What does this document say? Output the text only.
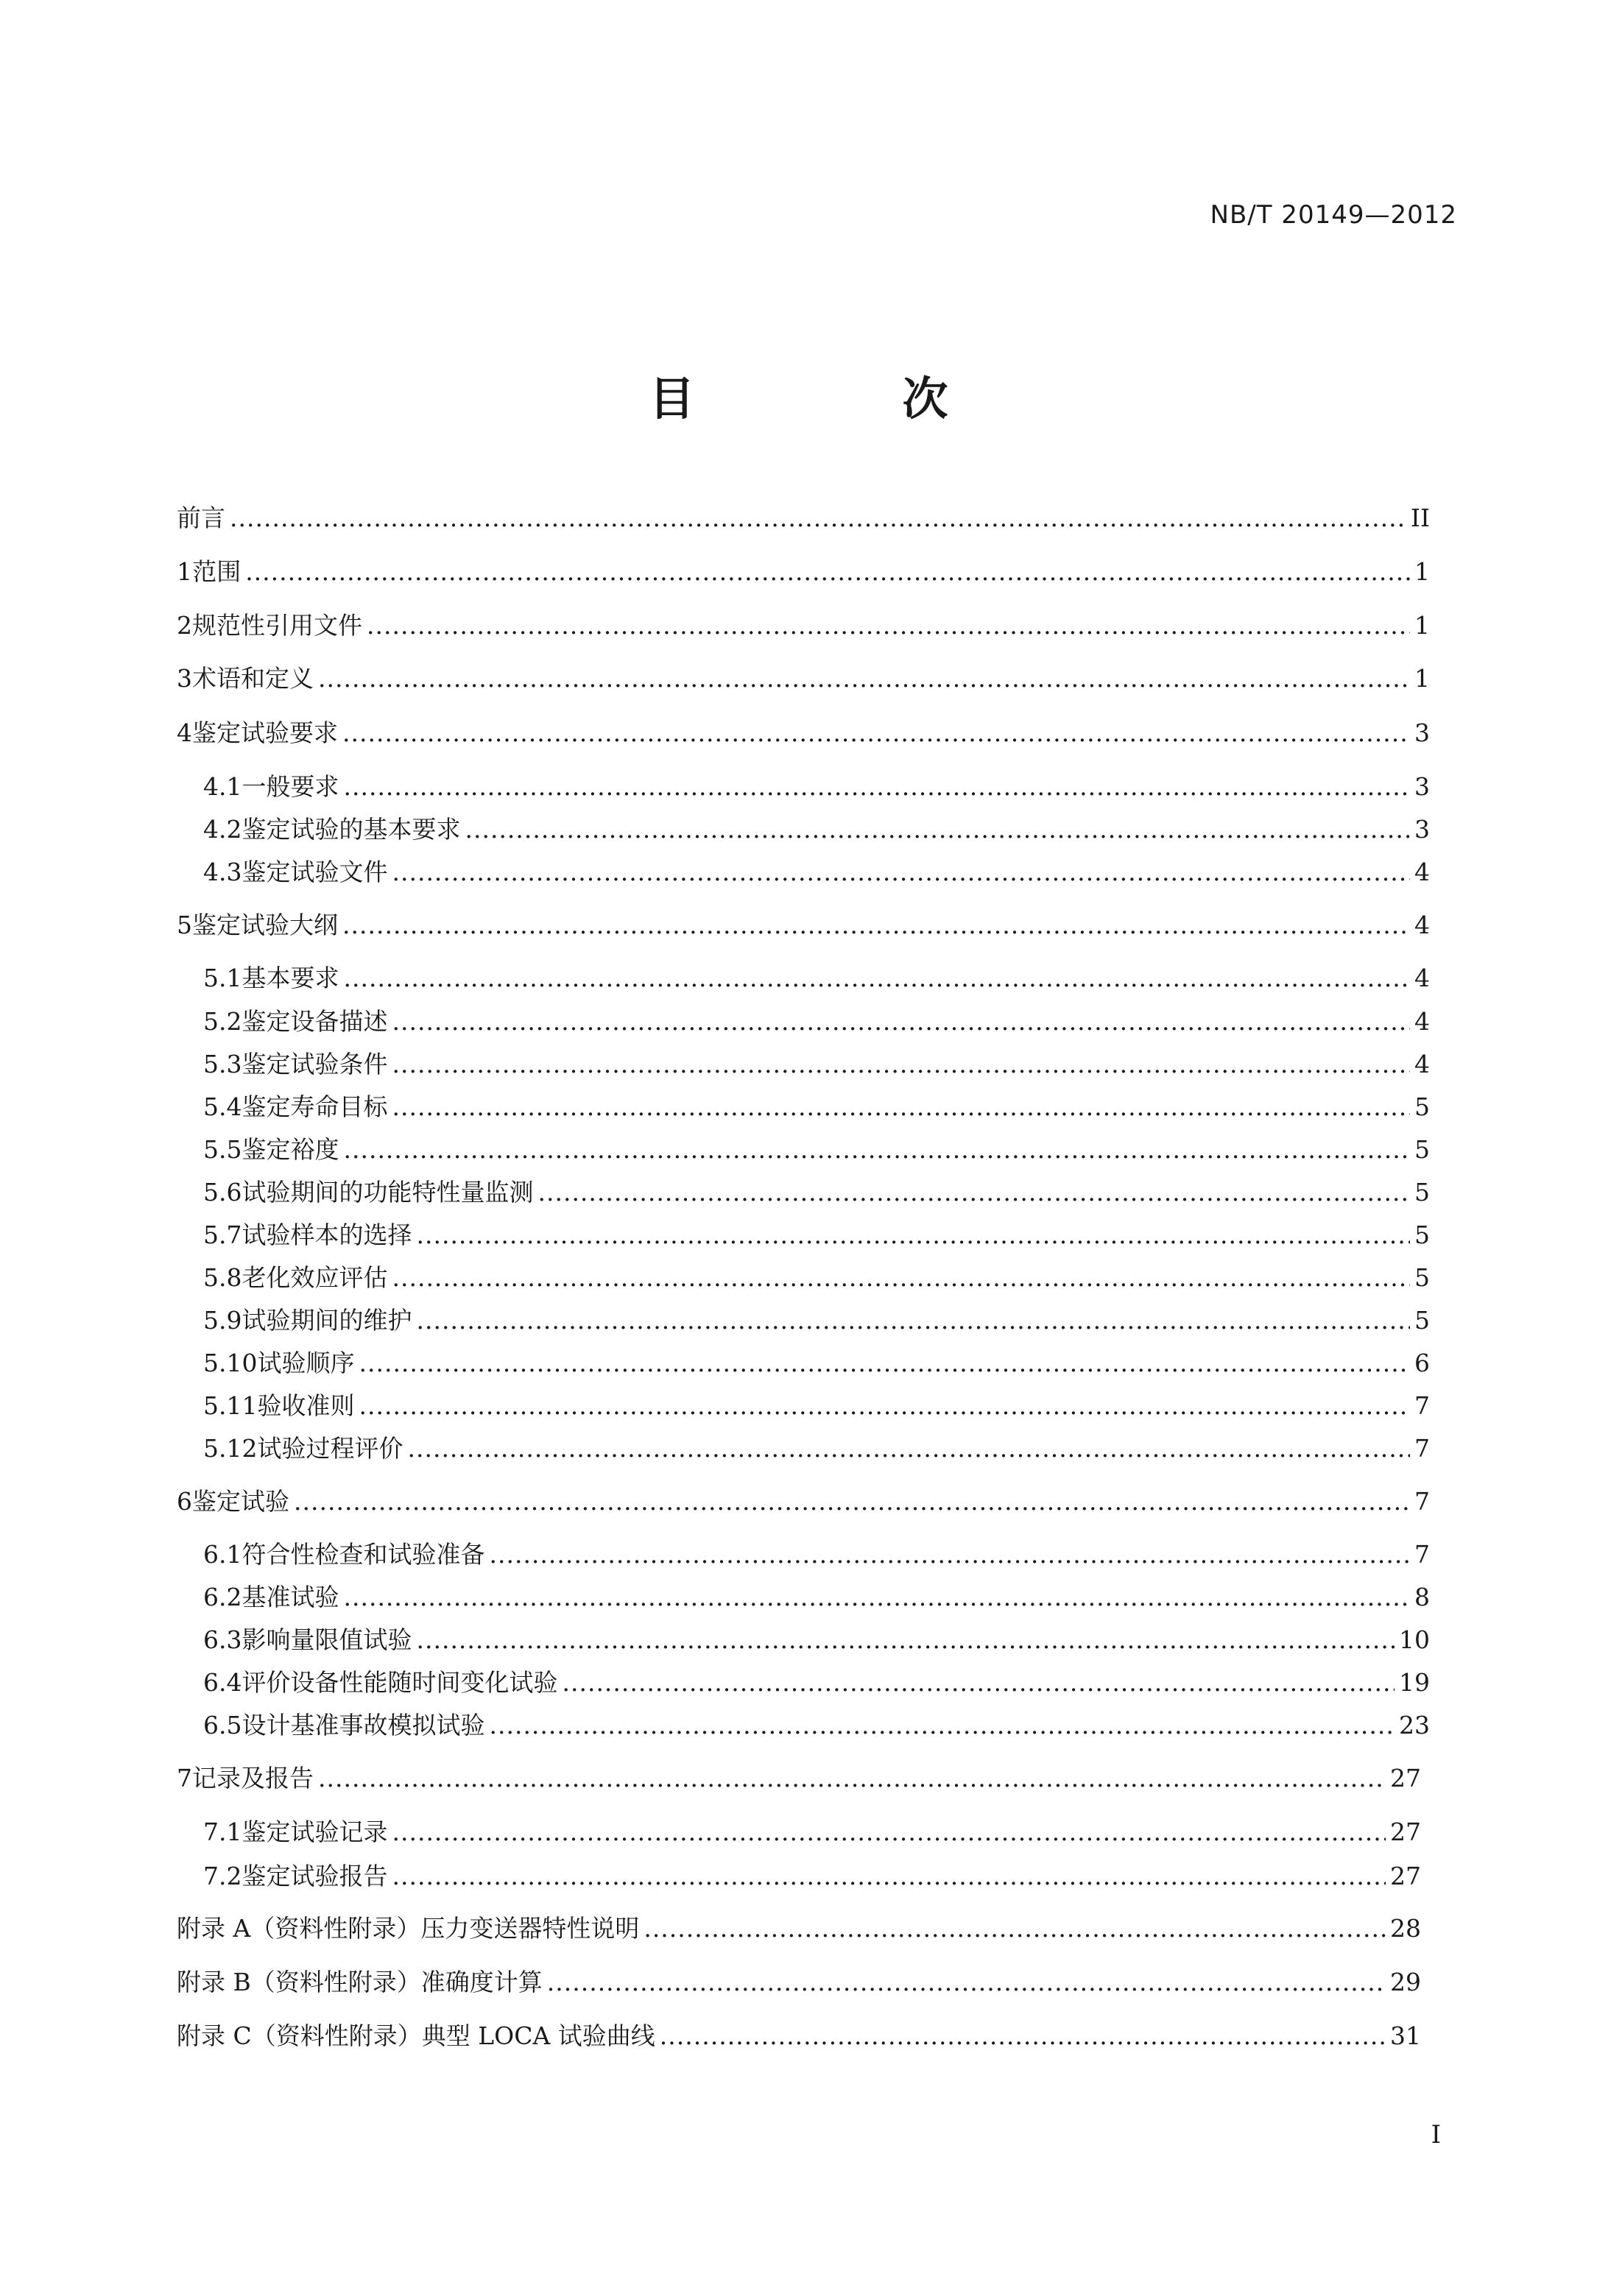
NB/T 20149—2012
目　次
前言 .....	II
1 范围 .....	1
2 规范性引用文件 .....	1
3 术语和定义 .....	1
4 鉴定试验要求 .....	3
4.1 一般要求 .....	3
4.2 鉴定试验的基本要求 .....	3
4.3 鉴定试验文件 .....	4
5 鉴定试验大纲 .....	4
5.1 基本要求 .....	4
5.2 鉴定设备描述 .....	4
5.3 鉴定试验条件 .....	4
5.4 鉴定寿命目标 .....	5
5.5 鉴定裕度 .....	5
5.6 试验期间的功能特性量监测 .....	5
5.7 试验样本的选择 .....	5
5.8 老化效应评估 .....	5
5.9 试验期间的维护 .....	5
5.10 试验顺序 .....	6
5.11 验收准则 .....	7
5.12 试验过程评价 .....	7
6 鉴定试验 .....	7
6.1 符合性检查和试验准备 .....	7
6.2 基准试验 .....	8
6.3 影响量限值试验 .....	10
6.4 评价设备性能随时间变化试验 .....	19
6.5 设计基准事故模拟试验 .....	23
7 记录及报告 .....	27
7.1 鉴定试验记录 .....	27
7.2 鉴定试验报告 .....	27
附录 A（资料性附录） 压力变送器特性说明 .....	28
附录 B（资料性附录） 准确度计算 .....	29
附录 C（资料性附录） 典型 LOCA 试验曲线 .....	31
I
